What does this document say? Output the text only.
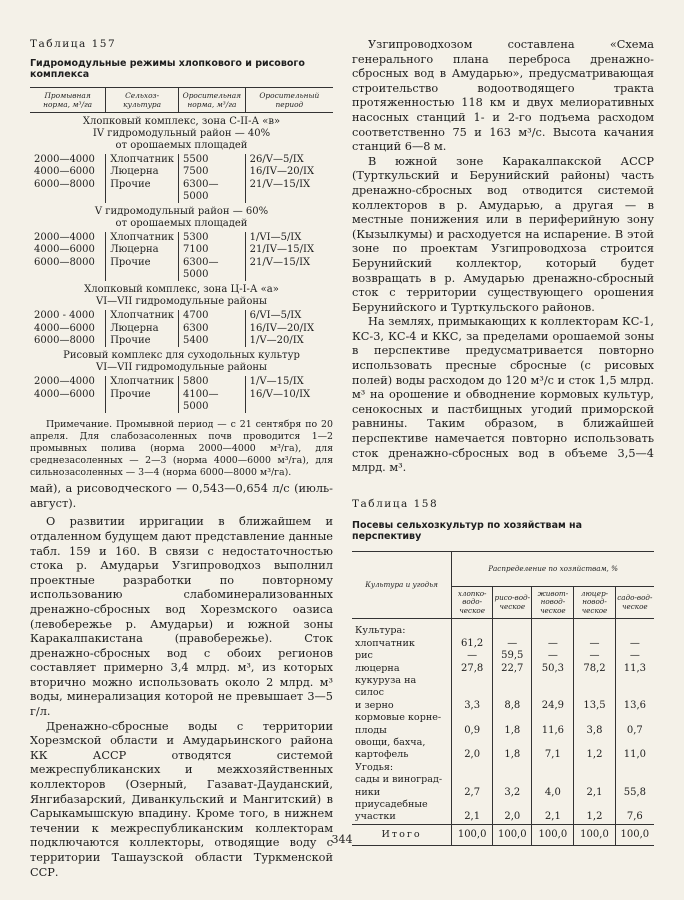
Таблица 157
Гидромодульные режимы хлопкового и рисового комплекса
Промывная норма, м³/га	Сельхоз-культура	Оросительная норма, м³/га	Оросительный период

Хлопковый комплекс, зона С-II-А «в»
IV гидромодульный район — 40%
от орошаемых площадей			

2000—4000	Хлопчатник	5500	26/V—5/IX
4000—6000	Люцерна	7500	16/IV—20/IX
6000—8000	Прочие	6300—5000	21/V—15/IX

V гидромодульный район — 60%
от орошаемых площадей			

2000—4000	Хлопчатник	5300	1/VI—5/IX
4000—6000	Люцерна	7100	21/IV—15/IX
6000—8000	Прочие	6300—5000	21/V—15/IX

Хлопковый комплекс, зона Ц-I-А «а»
VI—VII гидромодульные районы			

2000 - 4000	Хлопчатник	4700	6/VI—5/IX
4000—6000	Люцерна	6300	16/IV—20/IX
6000—8000	Прочие	5400	1/V—20/IX

Рисовый комплекс для суходольных культур
VI—VII гидромодульные районы			

2000—4000	Хлопчатник	5800	1/V—15/IX
4000—6000	Прочие	4100—5000	16/V—10/IX
Примечание. Промывной период — с 21 сентября по 20 апреля. Для слабозасоленных почв проводится 1—2 промывных полива (норма 2000—4000 м³/га), для среднезасоленных — 2—3 (норма 4000—6000 м³/га), для сильнозасоленных — 3—4 (норма 6000—8000 м³/га).

май), а рисоводческого — 0,543—0,654 л/с (июль-август).

О развитии ирригации в ближайшем и отдаленном будущем дают представление данные табл. 159 и 160. В связи с недостаточностью стока р. Амударьи Узгипроводхоз выполнил проектные разработки по повторному использованию слабоминерализованных дренажно-сбросных вод Хорезмского оазиса (левобережье р. Амударьи) и южной зоны Каракалпакистана (правобережье). Сток дренажно-сбросных вод с обоих регионов составляет примерно 3,4 млрд. м³, из которых вторично можно использовать около 2 млрд. м³ воды, минерализация которой не превышает 3—5 г/л.

Дренажно-сбросные воды с территории Хорезмской области и Амударьинского района КК АССР отводятся системой межреспубликанских и межхозяйственных коллекторов (Озерный, Газават-Дауданский, Янгибазарский, Диванкульский и Мангитский) в Сарыкамышскую впадину. Кроме того, в нижнем течении к межреспубликанским коллекторам подключаются коллекторы, отводящие воду с территории Ташаузской области Туркменской ССР.

Узгипроводхозом составлена «Схема генерального плана переброса дренажно-сбросных вод в Амударью», предусматривающая строительство водоотводящего тракта протяженностью 118 км и двух мелиоративных насосных станций 1- и 2-го подъема расходом соответственно 75 и 163 м³/с. Высота качания станций 6—8 м.

В южной зоне Каракалпакской АССР (Турткульский и Берунийский районы) часть дренажно-сбросных вод отводится системой коллекторов в р. Амударью, а другая — в местные понижения или в периферийную зону (Кызылкумы) и расходуется на испарение. В этой зоне по проектам Узгипроводхоза строится Берунийский коллектор, который будет возвращать в р. Амударью дренажно-сбросный сток с территории существующего орошения Берунийского и Турткульского районов.

На землях, примыкающих к коллекторам КС-1, КС-3, КС-4 и ККС, за пределами орошаемой зоны в перспективе предусматривается повторно использовать пресные сбросные (с рисовых полей) воды расходом до 120 м³/с и сток 1,5 млрд. м³ на орошение и обводнение кормовых культур, сенокосных и пастбищных угодий приморской равнины. Таким образом, в ближайшей перспективе намечается повторно использовать сток дренажно-сбросных вод в объеме 3,5—4 млрд. м³.

Таблица 158
Посевы сельхозкультур по хозяйствам на перспективу
Культура и угодья	Распределение по хозяйствам, %				
	хлопко-водо-ческое	рисо-вод-ческое	живот-новод-ческое	люцер-новод-ческое	садо-вод-ческое
Культура:					
хлопчатник	61,2	—	—	—	—
рис	—	59,5	—	—	—
люцерна	27,8	22,7	50,3	78,2	11,3
кукуруза на силос					
и зерно	3,3	8,8	24,9	13,5	13,6
кормовые корне-					
плоды	0,9	1,8	11,6	3,8	0,7
овощи, бахча,					
картофель	2,0	1,8	7,1	1,2	11,0
Угодья:					
сады и виноград-					
ники	2,7	3,2	4,0	2,1	55,8
приусадебные					
участки	2,1	2,0	2,1	1,2	7,6
Итого	100,0	100,0	100,0	100,0	100,0
344
